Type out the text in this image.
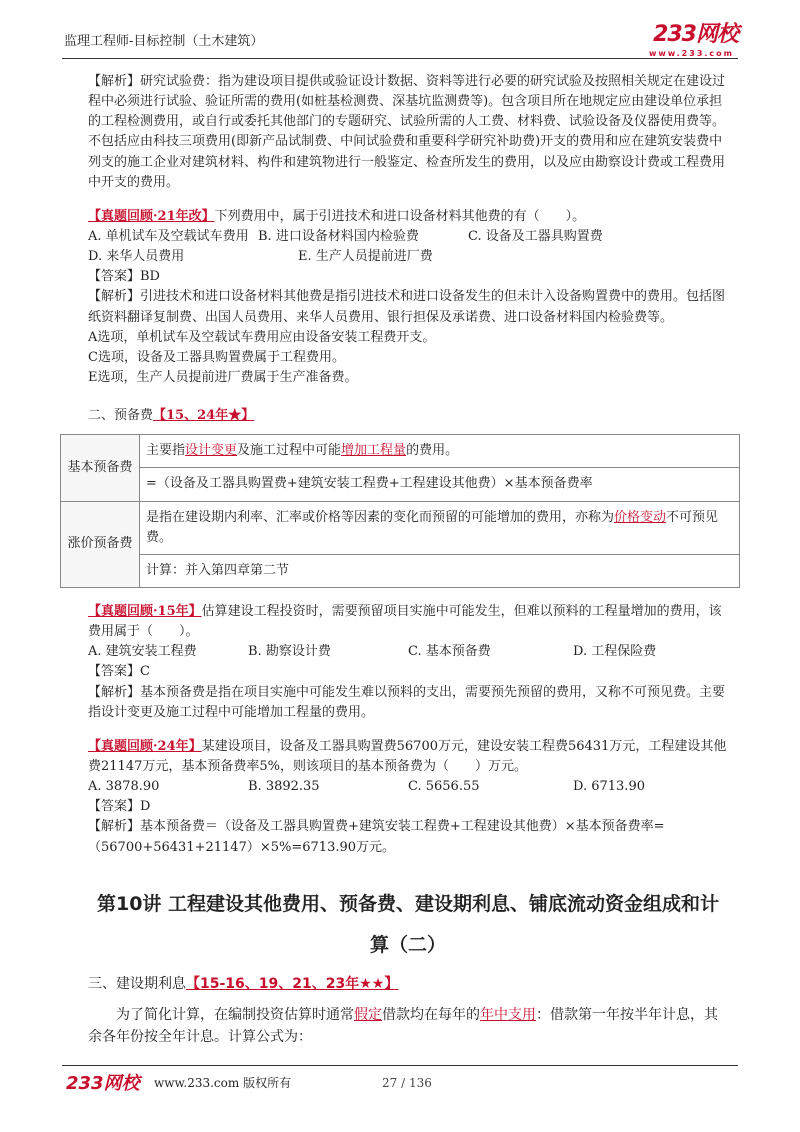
监理工程师-目标控制（土木建筑）	233网校
www.233.com

【解析】研究试验费：指为建设项目提供或验证设计数据、资料等进行必要的研究试验及按照相关规定在建设过程中必须进行试验、验证所需的费用(如桩基检测费、深基坑监测费等)。包含项目所在地规定应由建设单位承担的工程检测费用，或自行或委托其他部门的专题研究、试验所需的人工费、材料费、试验设备及仪器使用费等。不包括应由科技三项费用(即新产品试制费、中间试验费和重要科学研究补助费)开支的费用和应在建筑安装费中列支的施工企业对建筑材料、构件和建筑物进行一般鉴定、检查所发生的费用，以及应由勘察设计费或工程费用中开支的费用。

【真题回顾·21年改】下列费用中，属于引进技术和进口设备材料其他费的有（　　）。

A. 单机试车及空载试车费用 B. 进口设备材料国内检验费	C. 设备及工器具购置费
D. 来华人员费用	E. 生产人员提前进厂费

【答案】BD

【解析】引进技术和进口设备材料其他费是指引进技术和进口设备发生的但未计入设备购置费中的费用。包括图纸资料翻译复制费、出国人员费用、来华人员费用、银行担保及承诺费、进口设备材料国内检验费等。

A选项，单机试车及空载试车费用应由设备安装工程费开支。

C选项，设备及工器具购置费属于工程费用。

E选项，生产人员提前进厂费属于生产准备费。

二、预备费【15、24年★】

基本预备费	主要指设计变更及施工过程中可能增加工程量的费用。
	=（设备及工器具购置费+建筑安装工程费+工程建设其他费）×基本预备费率
涨价预备费	是指在建设期内利率、汇率或价格等因素的变化而预留的可能增加的费用，亦称为价格变动不可预见费。
	计算：并入第四章第二节

【真题回顾·15年】估算建设工程投资时，需要预留项目实施中可能发生，但难以预料的工程量增加的费用，该费用属于（　　）。

A. 建筑安装工程费	B. 勘察设计费	C. 基本预备费	D. 工程保险费

【答案】C

【解析】基本预备费是指在项目实施中可能发生难以预料的支出，需要预先预留的费用，又称不可预见费。主要指设计变更及施工过程中可能增加工程量的费用。

【真题回顾·24年】某建设项目，设备及工器具购置费56700万元，建设安装工程费56431万元，工程建设其他费21147万元，基本预备费率5%，则该项目的基本预备费为（　　）万元。

A. 3878.90	B. 3892.35	C. 5656.55	D. 6713.90

【答案】D

【解析】基本预备费＝（设备及工器具购置费+建筑安装工程费+工程建设其他费）×基本预备费率=（56700+56431+21147）×5%=6713.90万元。

第10讲 工程建设其他费用、预备费、建设期利息、铺底流动资金组成和计
算（二）

三、建设期利息【15-16、19、21、23年★★】

为了简化计算，在编制投资估算时通常假定借款均在每年的年中支用：借款第一年按半年计息，其余各年份按全年计息。计算公式为：

233网校 www.233.com 版权所有	27 / 136
